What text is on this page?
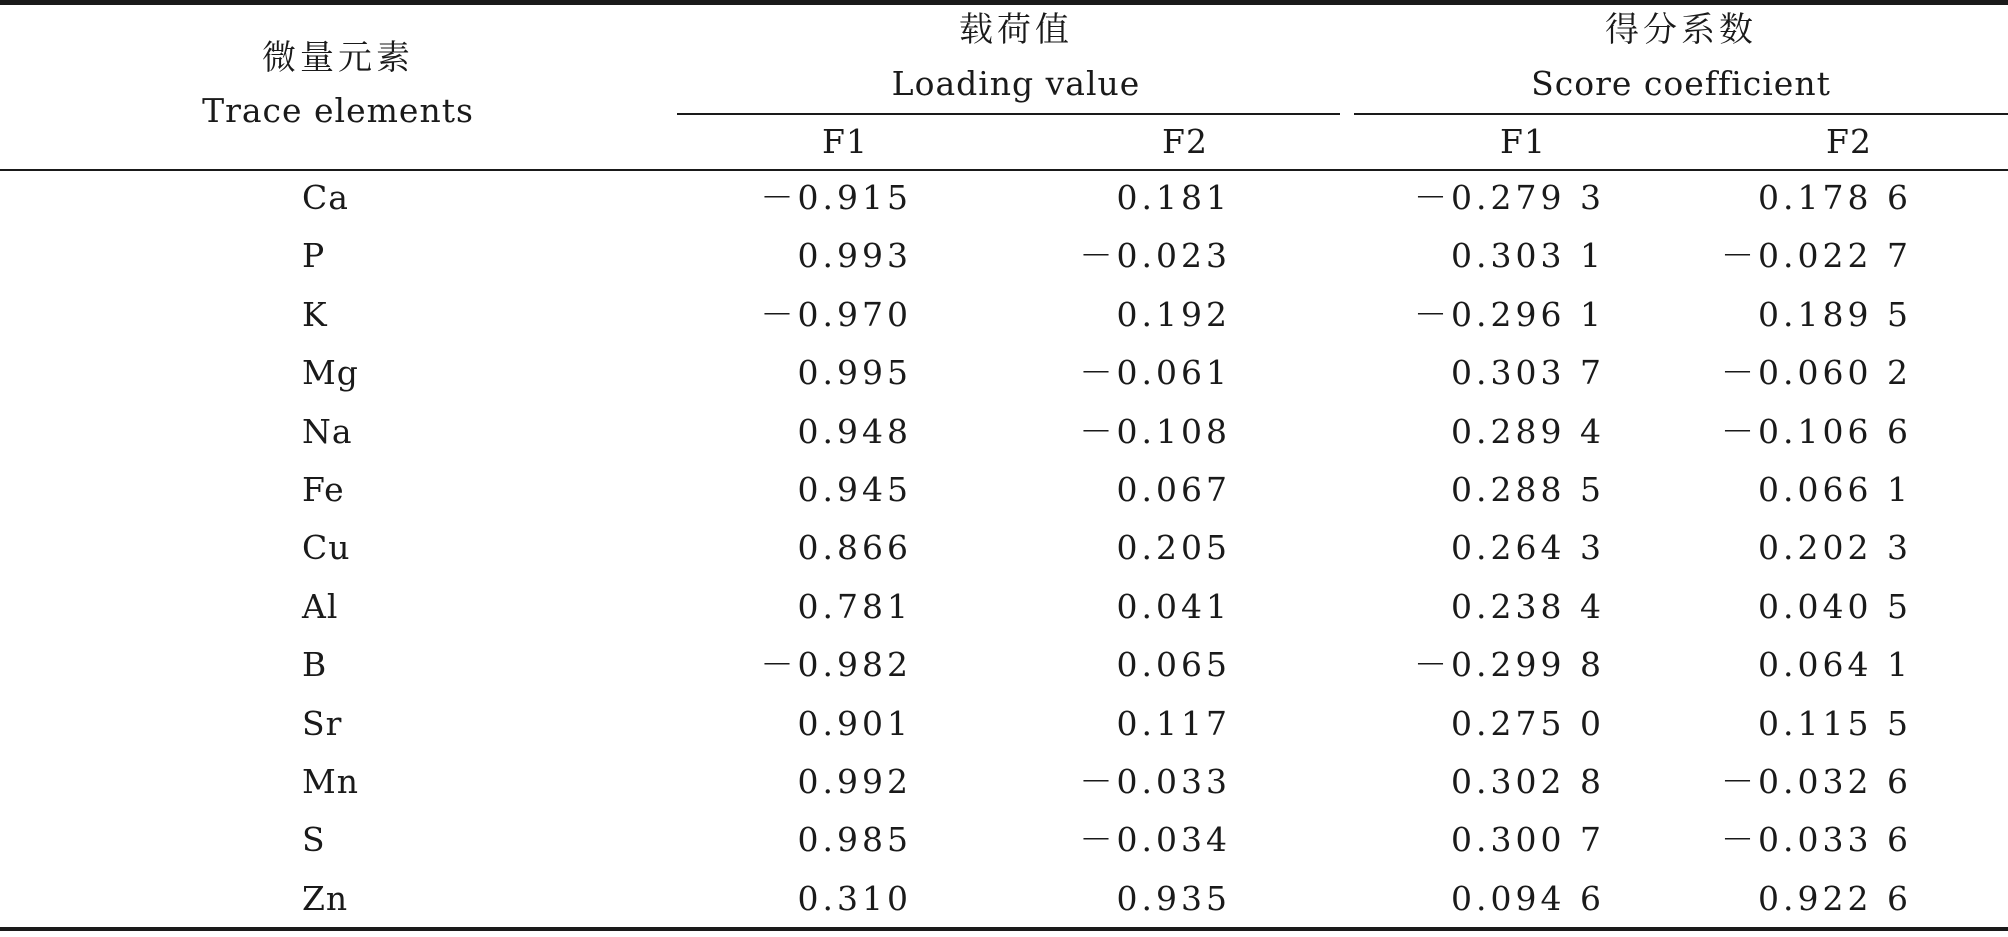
微量元素
Trace elements
载荷值
Loading value
得分系数
Score coefficient
F1	F2	F1	F2
Ca	－0.915	0.181	－0.279 3	0.178 6
P	0.993	－0.023	0.303 1	－0.022 7
K	－0.970	0.192	－0.296 1	0.189 5
Mg	0.995	－0.061	0.303 7	－0.060 2
Na	0.948	－0.108	0.289 4	－0.106 6
Fe	0.945	0.067	0.288 5	0.066 1
Cu	0.866	0.205	0.264 3	0.202 3
Al	0.781	0.041	0.238 4	0.040 5
B	－0.982	0.065	－0.299 8	0.064 1
Sr	0.901	0.117	0.275 0	0.115 5
Mn	0.992	－0.033	0.302 8	－0.032 6
S	0.985	－0.034	0.300 7	－0.033 6
Zn	0.310	0.935	0.094 6	0.922 6
